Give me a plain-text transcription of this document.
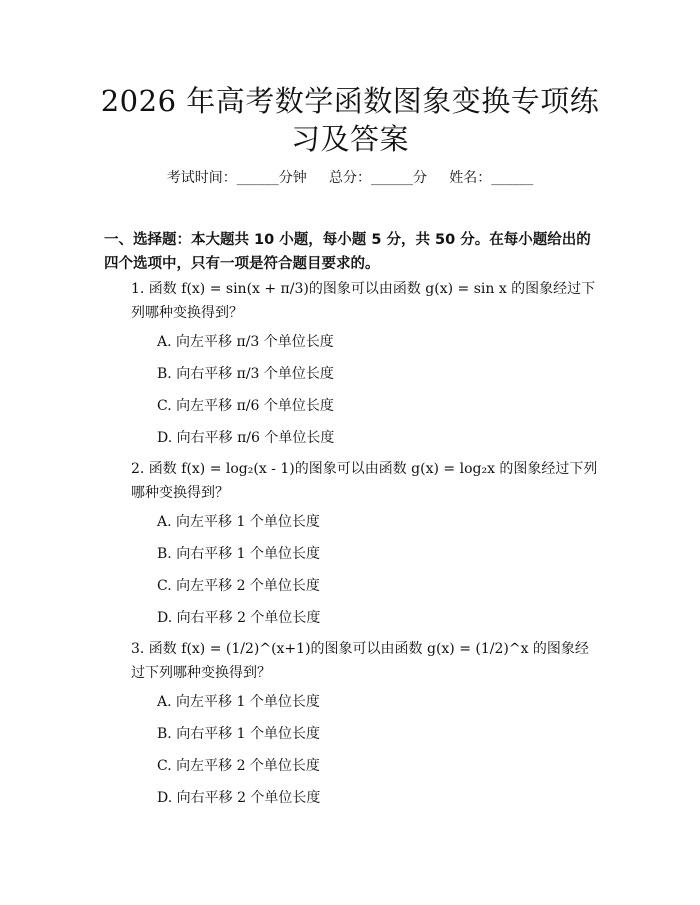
2026 年高考数学函数图象变换专项练习及答案
考试时间：______分钟     总分：______分     姓名：______
一、选择题：本大题共 10 小题，每小题 5 分，共 50 分。在每小题给出的四个选项中，只有一项是符合题目要求的。
1. 函数 f(x) = sin(x + π/3)的图象可以由函数 g(x) = sin x 的图象经过下列哪种变换得到？
A. 向左平移 π/3 个单位长度
B. 向右平移 π/3 个单位长度
C. 向左平移 π/6 个单位长度
D. 向右平移 π/6 个单位长度
2. 函数 f(x) = log₂(x - 1)的图象可以由函数 g(x) = log₂x 的图象经过下列哪种变换得到？
A. 向左平移 1 个单位长度
B. 向右平移 1 个单位长度
C. 向左平移 2 个单位长度
D. 向右平移 2 个单位长度
3. 函数 f(x) = (1/2)^(x+1)的图象可以由函数 g(x) = (1/2)^x 的图象经过下列哪种变换得到？
A. 向左平移 1 个单位长度
B. 向右平移 1 个单位长度
C. 向左平移 2 个单位长度
D. 向右平移 2 个单位长度
